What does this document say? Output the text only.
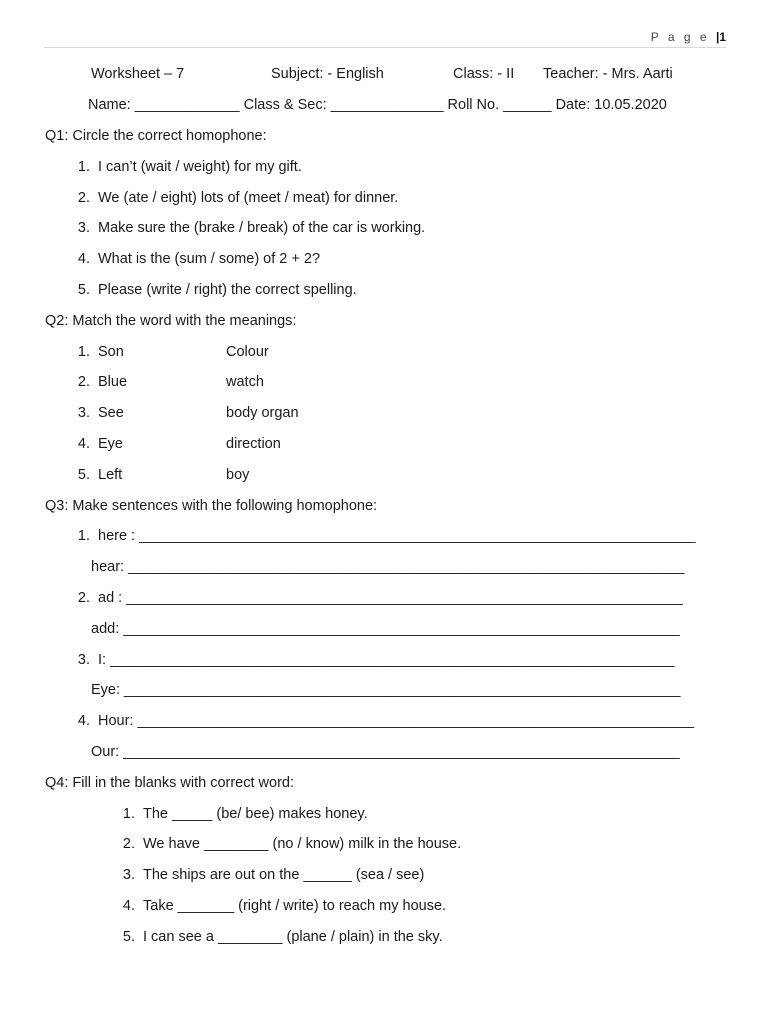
P a g e |1
Worksheet – 7	Subject: - English	Class: - II Teacher: - Mrs. Aarti
Name: _____________ Class & Sec: ______________ Roll No. ______ Date: 10.05.2020
Q1: Circle the correct homophone:
1. I can’t (wait / weight) for my gift.
2. We (ate / eight) lots of (meet / meat) for dinner.
3. Make sure the (brake / break) of the car is working.
4. What is the (sum / some) of 2 + 2?
5. Please (write / right) the correct spelling.
Q2: Match the word with the meanings:
1. Son	Colour
2. Blue	watch
3. See	body organ
4. Eye	direction
5. Left	boy
Q3: Make sentences with the following homophone:
1. here : _____________________________________________________________________
hear: _____________________________________________________________________
2. ad : _____________________________________________________________________
add: _____________________________________________________________________
3. I: ______________________________________________________________________
Eye: _____________________________________________________________________
4. Hour: _____________________________________________________________________
Our: _____________________________________________________________________
Q4: Fill in the blanks with correct word:
1. The _____ (be/ bee) makes honey.
2. We have ________ (no / know) milk in the house.
3. The ships are out on the ______ (sea / see)
4. Take _______ (right / write) to reach my house.
5. I can see a ________ (plane / plain) in the sky.
